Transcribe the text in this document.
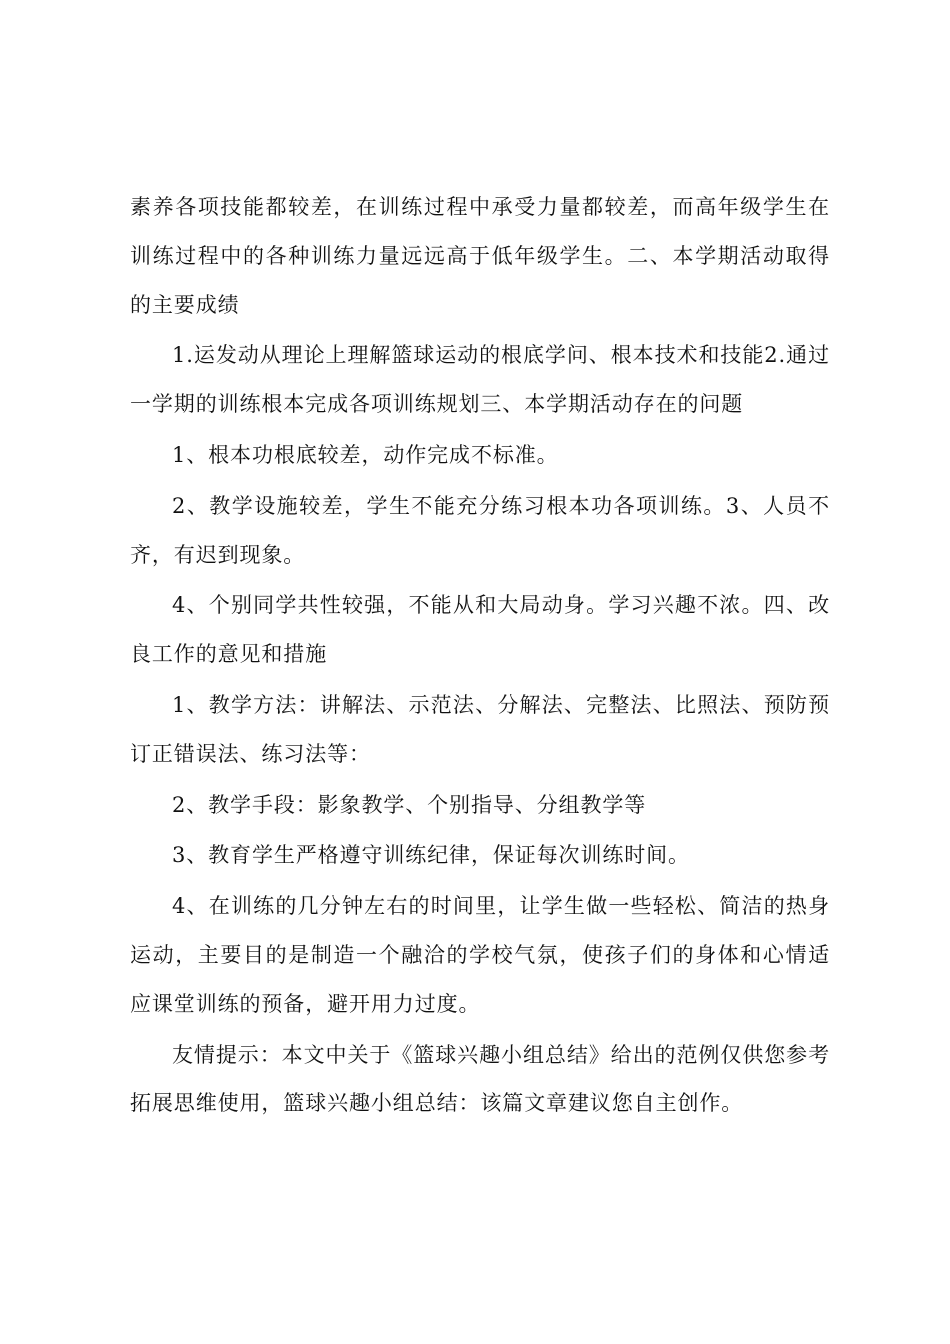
素养各项技能都较差，在训练过程中承受力量都较差，而高年级学生在训练过程中的各种训练力量远远高于低年级学生。二、本学期活动取得的主要成绩

1.运发动从理论上理解篮球运动的根底学问、根本技术和技能2.通过一学期的训练根本完成各项训练规划三、本学期活动存在的问题

1、根本功根底较差，动作完成不标准。

2、教学设施较差，学生不能充分练习根本功各项训练。3、人员不齐，有迟到现象。

4、个别同学共性较强，不能从和大局动身。学习兴趣不浓。四、改良工作的意见和措施

1、教学方法：讲解法、示范法、分解法、完整法、比照法、预防预订正错误法、练习法等：

2、教学手段：影象教学、个别指导、分组教学等

3、教育学生严格遵守训练纪律，保证每次训练时间。

4、在训练的几分钟左右的时间里，让学生做一些轻松、简洁的热身运动，主要目的是制造一个融洽的学校气氛，使孩子们的身体和心情适应课堂训练的预备，避开用力过度。

友情提示：本文中关于《篮球兴趣小组总结》给出的范例仅供您参考拓展思维使用，篮球兴趣小组总结：该篇文章建议您自主创作。
